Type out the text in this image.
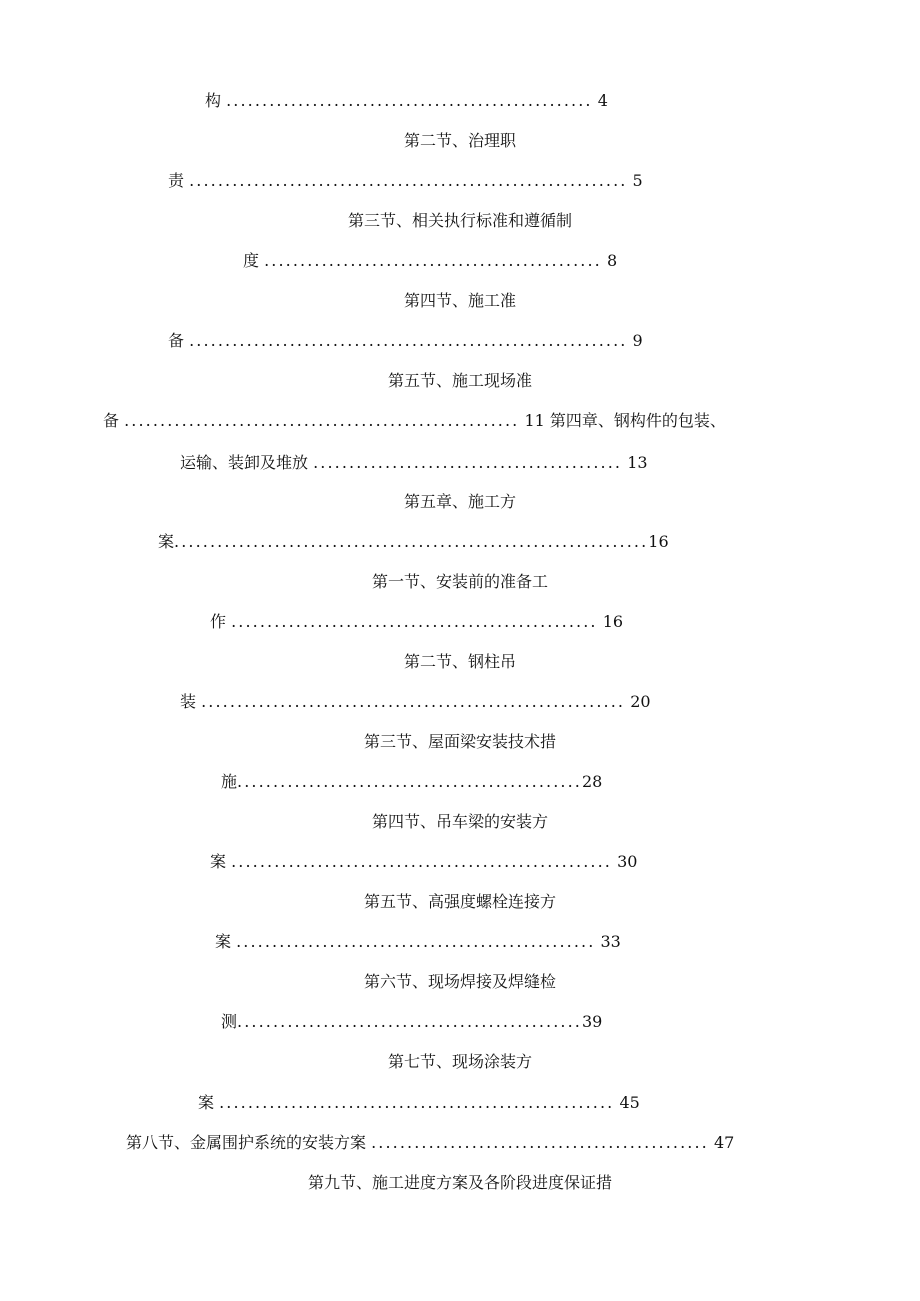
构 ................................................... 4
第二节、治理职
责 ............................................................. 5
第三节、相关执行标准和遵循制
度 ............................................... 8
第四节、施工准
备 ............................................................. 9
第五节、施工现场准
备 ....................................................... 11 第四章、钢构件的包装、
运输、装卸及堆放 ........................................... 13
第五章、施工方
案..................................................................16
第一节、安装前的准备工
作 ................................................... 16
第二节、钢柱吊
装 ........................................................... 20
第三节、屋面梁安装技术措
施................................................28
第四节、吊车梁的安装方
案 ..................................................... 30
第五节、高强度螺栓连接方
案 .................................................. 33
第六节、现场焊接及焊缝检
测................................................39
第七节、现场涂装方
案 ....................................................... 45
第八节、金属围护系统的安装方案 ............................................... 47
第九节、施工进度方案及各阶段进度保证措
